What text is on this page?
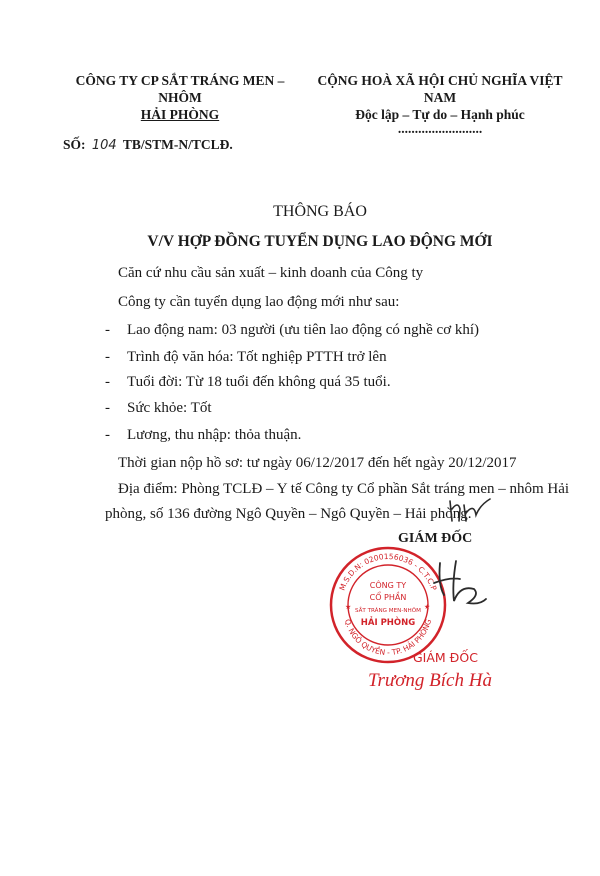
CÔNG TY CP SẮT TRÁNG MEN – NHÔM
HẢI PHÒNG
CỘNG HOÀ XÃ HỘI CHỦ NGHĨA VIỆT NAM
Độc lập – Tự do – Hạnh phúc
.........................
SỐ: 104 TB/STM-N/TCLĐ.
THÔNG BÁO
V/V HỢP ĐỒNG TUYỂN DỤNG LAO ĐỘNG MỚI
Căn cứ nhu cầu sản xuất – kinh doanh của Công ty
Công ty cần tuyển dụng lao động mới như sau:
- Lao động nam: 03 người (ưu tiên lao động có nghề cơ khí)
- Trình độ văn hóa: Tốt nghiệp PTTH trở lên
- Tuổi đời: Từ 18 tuổi đến không quá 35 tuổi.
- Sức khỏe: Tốt
- Lương, thu nhập: thỏa thuận.
Thời gian nộp hồ sơ: tư ngày 06/12/2017 đến hết ngày 20/12/2017
Địa điểm: Phòng TCLĐ – Y tế Công ty Cổ phần Sắt tráng men – nhôm Hải
phòng, số 136 đường Ngô Quyền – Ngô Quyền – Hải phòng.
GIÁM ĐỐC
M.S.D.N: 0200156036 - C.T.C.P
Q. NGÔ QUYỀN - TP. HẢI PHÒNG
CÔNG TY
CỔ PHẦN
SẮT TRÁNG MEN-NHÔM
HẢI PHÒNG
★	★
GIÁM ĐỐC
Trương Bích Hà
